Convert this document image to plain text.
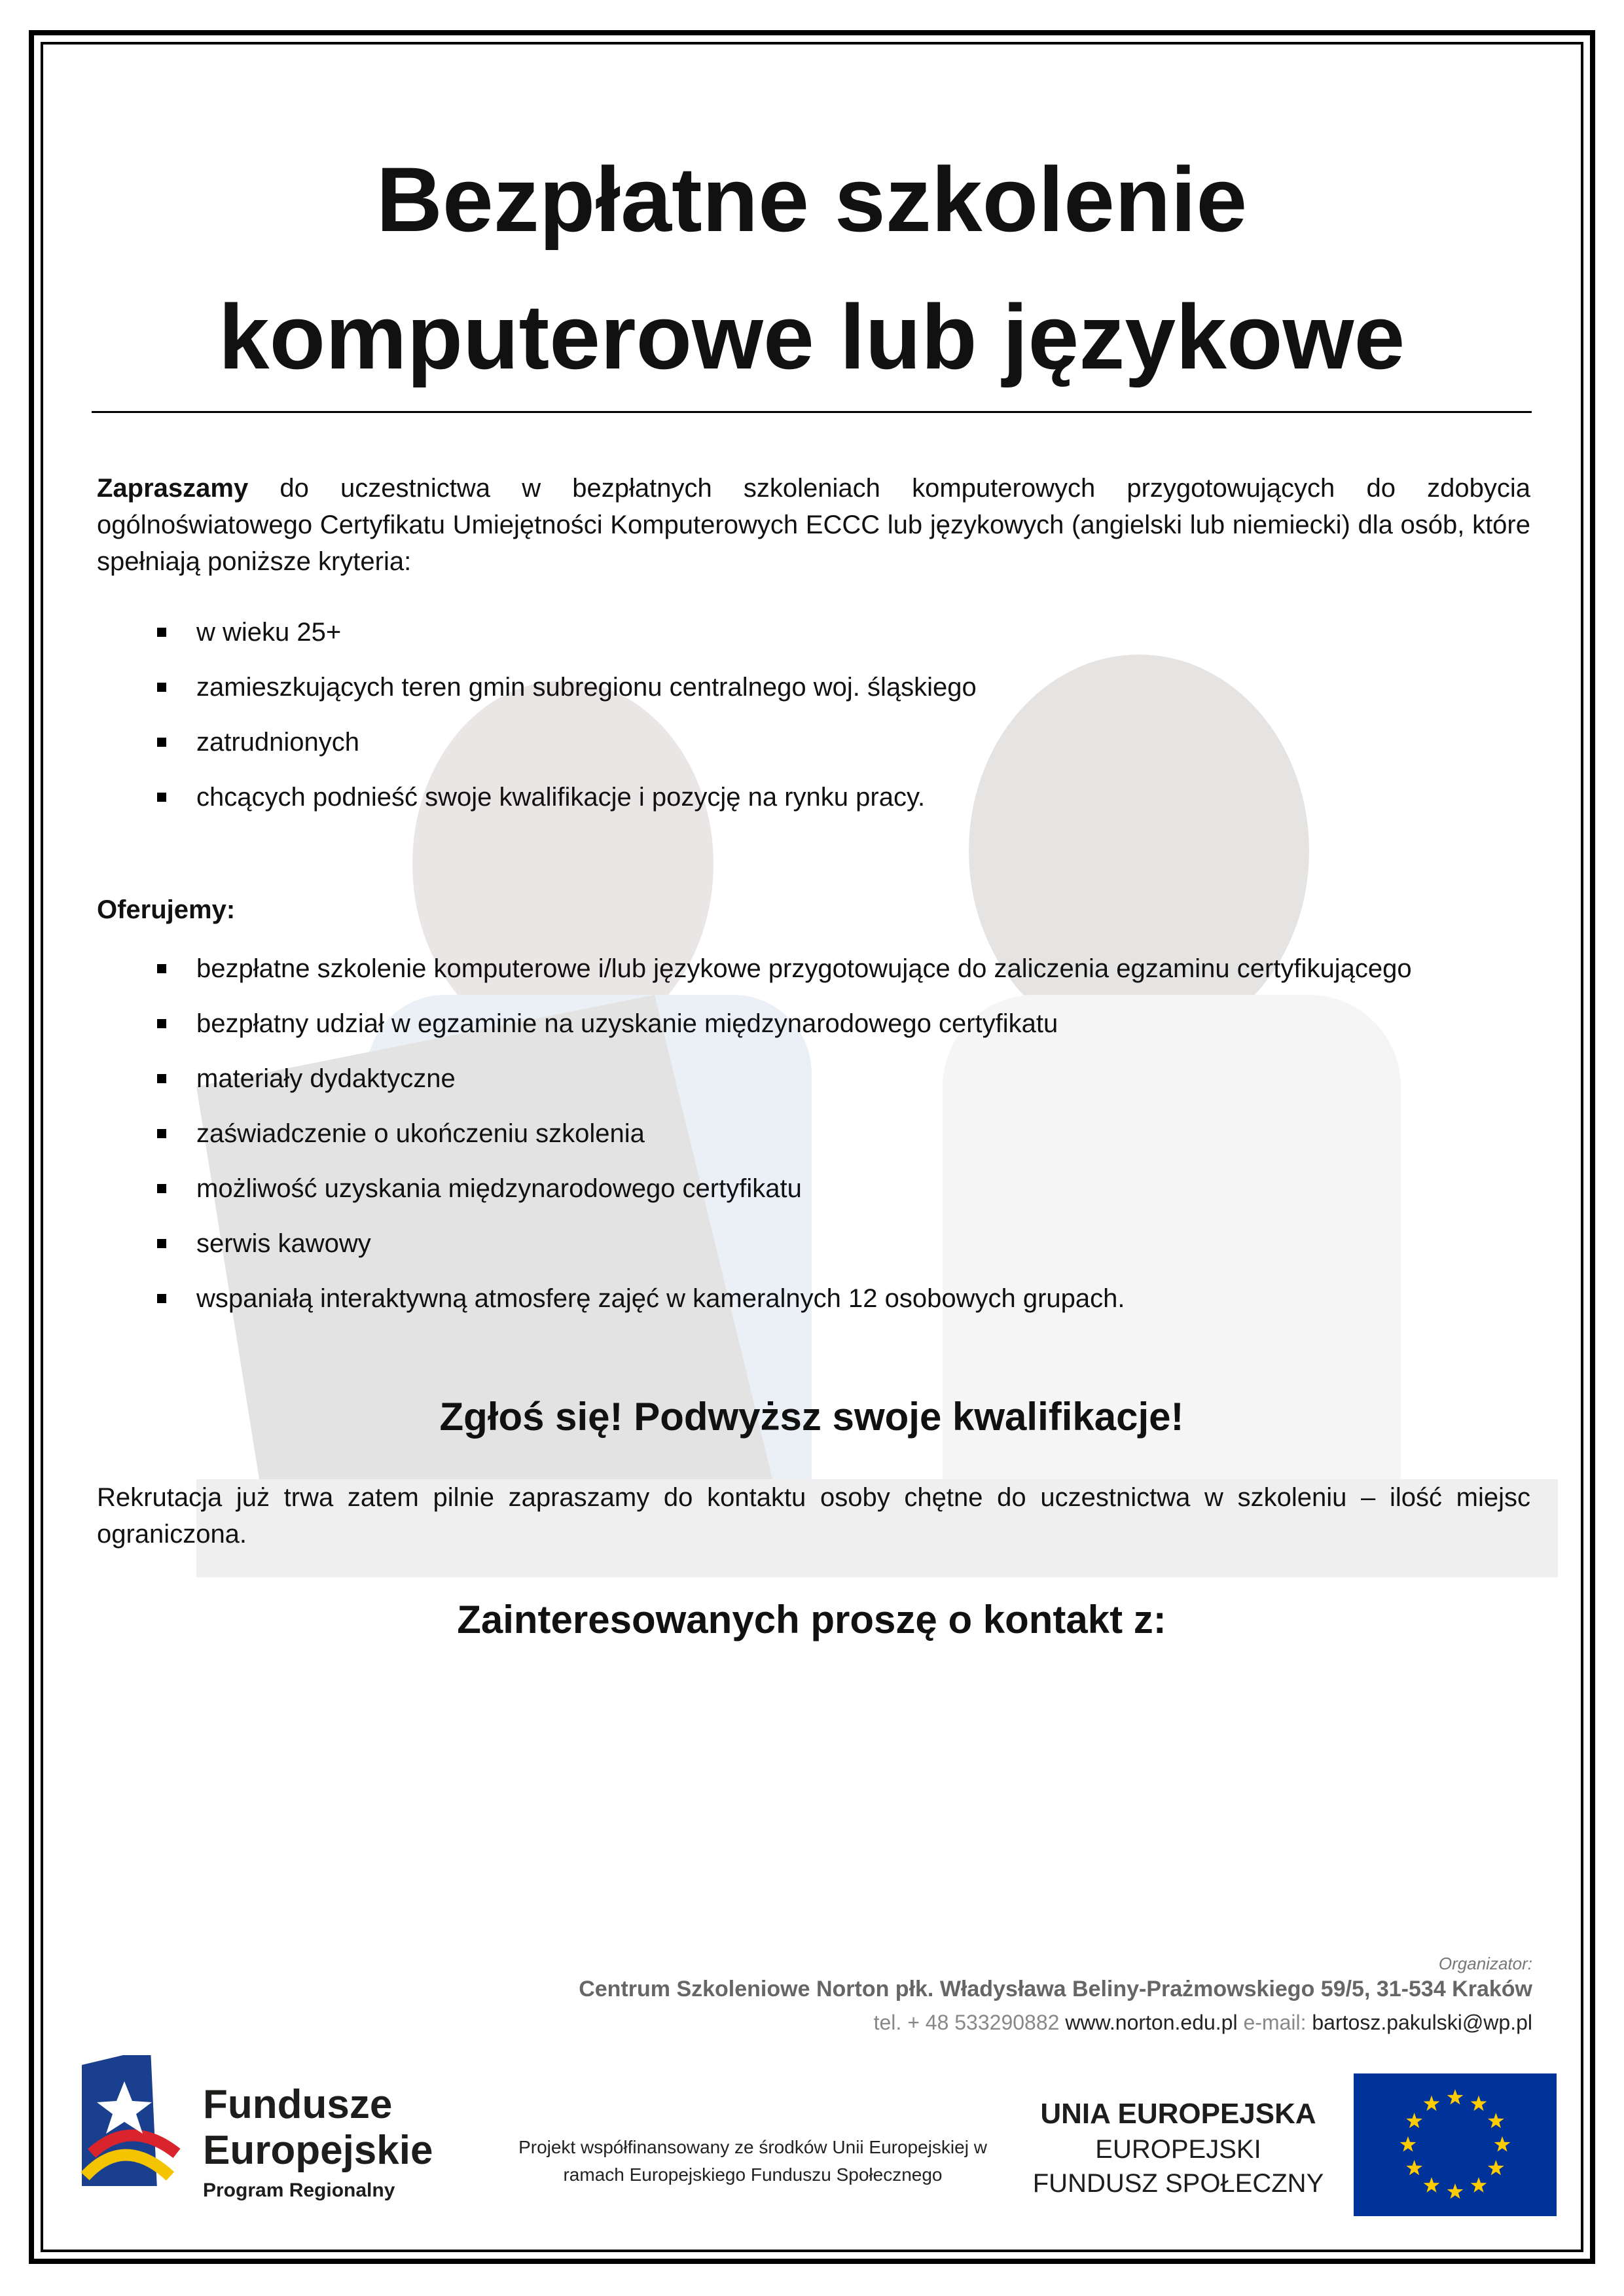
Bezpłatne szkolenie
komputerowe lub językowe
Zapraszamy do uczestnictwa w bezpłatnych szkoleniach komputerowych przygotowujących do zdobycia ogólnoświatowego Certyfikatu Umiejętności Komputerowych ECCC lub językowych (angielski lub niemiecki) dla osób, które spełniają poniższe kryteria:
w wieku 25+
zamieszkujących teren gmin subregionu centralnego woj. śląskiego
zatrudnionych
chcących podnieść swoje kwalifikacje i pozycję na rynku pracy.
Oferujemy:
bezpłatne szkolenie komputerowe i/lub językowe przygotowujące do zaliczenia egzaminu certyfikującego
bezpłatny udział w egzaminie na uzyskanie międzynarodowego certyfikatu
materiały dydaktyczne
zaświadczenie o ukończeniu szkolenia
możliwość uzyskania międzynarodowego certyfikatu
serwis kawowy
wspaniałą interaktywną atmosferę zajęć w kameralnych 12 osobowych grupach.
Zgłoś się! Podwyższ swoje kwalifikacje!
Rekrutacja już trwa zatem pilnie zapraszamy do kontaktu osoby chętne do uczestnictwa w szkoleniu – ilość miejsc ograniczona.
Zainteresowanych proszę o kontakt z:
Organizator:
Centrum Szkoleniowe Norton płk. Władysława Beliny-Prażmowskiego 59/5, 31-534 Kraków
tel. + 48 533290882 www.norton.edu.pl e-mail: bartosz.pakulski@wp.pl
Fundusze
Europejskie
Program Regionalny
Projekt współfinansowany ze środków Unii Europejskiej w
ramach Europejskiego Funduszu Społecznego
UNIA EUROPEJSKA
EUROPEJSKI
FUNDUSZ SPOŁECZNY
